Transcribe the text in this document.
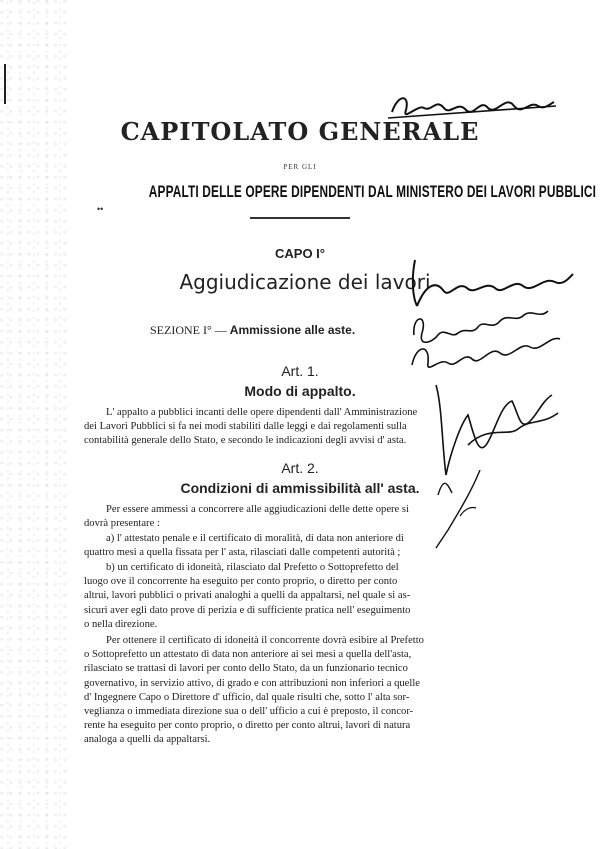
CAPITOLATO GENERALE
PER GLI
APPALTI DELLE OPERE DIPENDENTI DAL MINISTERO DEI LAVORI PUBBLICI
••
CAPO I°
Aggiudicazione dei lavori
SEZIONE I° — Ammissione alle aste.
Art. 1.
Modo di appalto.
L' appalto a pubblici incanti delle opere dipendenti dall' Amministrazione
dei Lavori Pubblici si fa nei modi stabiliti dalle leggi e dai regolamenti sulla
contabilità generale dello Stato, e secondo le indicazioni degli avvisi d' asta.
Art. 2.
Condizioni di ammissibilità all' asta.
Per essere ammessi a concorrere alle aggiudicazioni delle dette opere si
dovrà presentare :
a) l' attestato penale e il certificato di moralità, di data non anteriore di
quattro mesi a quella fissata per l' asta, rilasciati dalle competenti autorità ;
b) un certificato di idoneità, rilasciato dal Prefetto o Sottoprefetto del
luogo ove il concorrente ha eseguito per conto proprio, o diretto per conto
altrui, lavori pubblici o privati analoghi a quelli da appaltarsi, nel quale si as-
sicuri aver egli dato prove di perizia e di sufficiente pratica nell' eseguimento
o nella direzione.
Per ottenere il certificato di idoneità il concorrente dovrà esibire al Prefetto
o Sottoprefetto un attestato di data non anteriore ai sei mesi a quella dell'asta,
rilasciato se trattasi di lavori per conto dello Stato, da un funzionario tecnico
governativo, in servizio attivo, di grado e con attribuzioni non inferiori a quelle
d' Ingegnere Capo o Direttore d' ufficio, dal quale risulti che, sotto l' alta sor-
veglianza o immediata direzione sua o dell' ufficio a cui è preposto, il concor-
rente ha eseguito per conto proprio, o diretto per conto altrui, lavori di natura
analoga a quelli da appaltarsi.
